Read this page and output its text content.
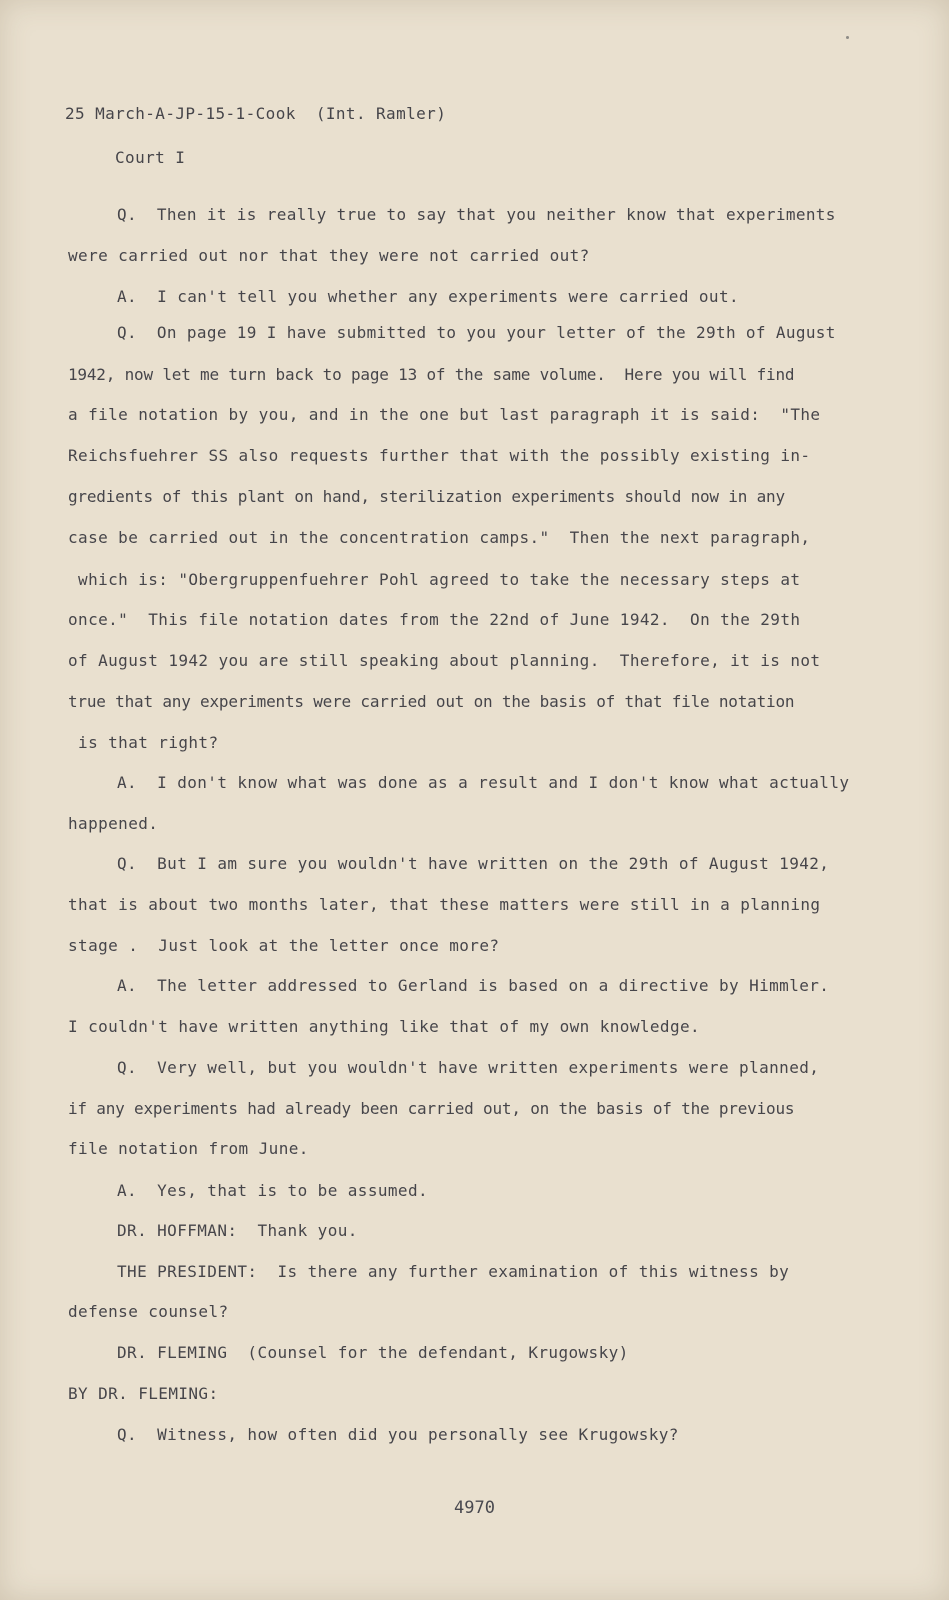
25 March-A-JP-15-1-Cook  (Int. Ramler)
Court I
Q.  Then it is really true to say that you neither know that experiments
were carried out nor that they were not carried out?
A.  I can't tell you whether any experiments were carried out.
Q.  On page 19 I have submitted to you your letter of the 29th of August
1942, now let me turn back to page 13 of the same volume.  Here you will find
a file notation by you, and in the one but last paragraph it is said:  "The
Reichsfuehrer SS also requests further that with the possibly existing in-
gredients of this plant on hand, sterilization experiments should now in any
case be carried out in the concentration camps."  Then the next paragraph,
which is: "Obergruppenfuehrer Pohl agreed to take the necessary steps at
once."  This file notation dates from the 22nd of June 1942.  On the 29th
of August 1942 you are still speaking about planning.  Therefore, it is not
true that any experiments were carried out on the basis of that file notation
is that right?
A.  I don't know what was done as a result and I don't know what actually
happened.
Q.  But I am sure you wouldn't have written on the 29th of August 1942,
that is about two months later, that these matters were still in a planning
stage .  Just look at the letter once more?
A.  The letter addressed to Gerland is based on a directive by Himmler.
I couldn't have written anything like that of my own knowledge.
Q.  Very well, but you wouldn't have written experiments were planned,
if any experiments had already been carried out, on the basis of the previous
file notation from June.
A.  Yes, that is to be assumed.
DR. HOFFMAN:  Thank you.
THE PRESIDENT:  Is there any further examination of this witness by
defense counsel?
DR. FLEMING  (Counsel for the defendant, Krugowsky)
BY DR. FLEMING:
Q.  Witness, how often did you personally see Krugowsky?
4970
